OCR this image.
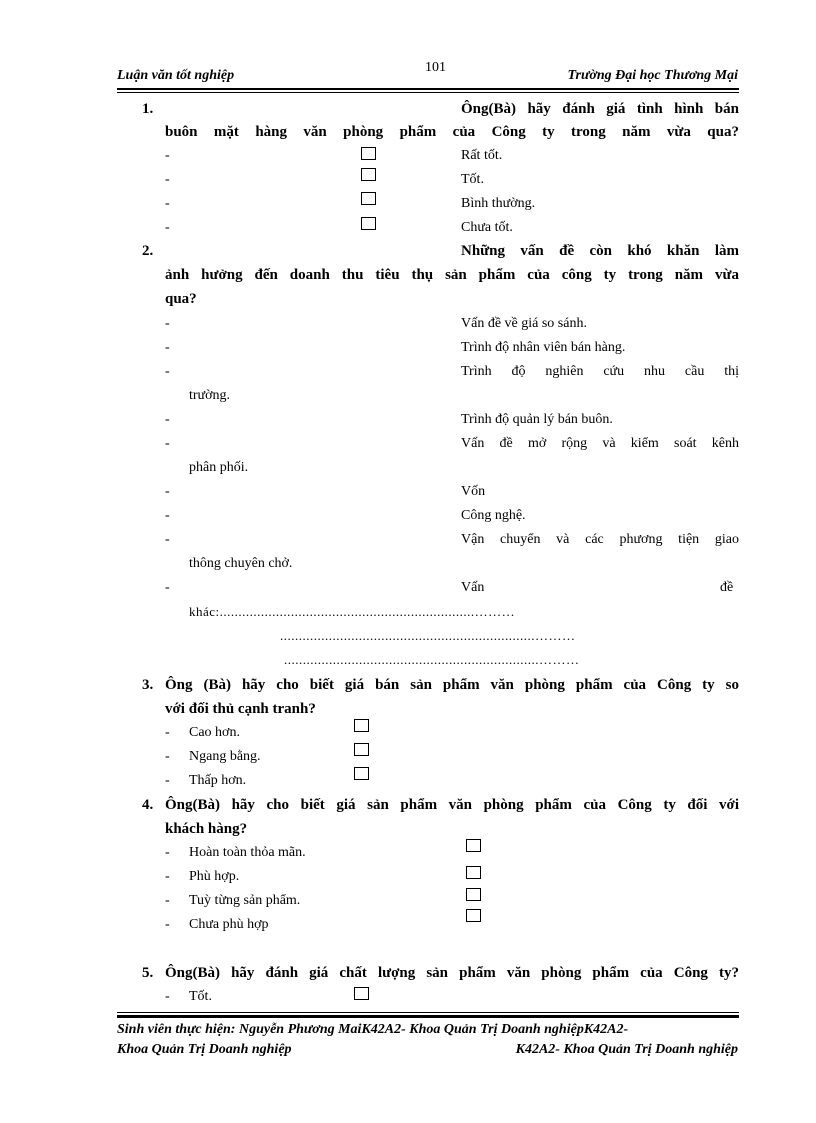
101
Luận văn tốt nghiệp	Trường Đại học Thương Mại
1.	Ông(Bà) hãy đánh giá tình hình bán
buôn mặt hàng văn phòng phẩm của Công ty trong năm vừa qua?
-	Rất tốt.
-	Tốt.
-	Bình thường.
-	Chưa tốt.
2.	Những vấn đề còn khó khăn làm
ảnh hưởng đến doanh thu tiêu thụ sản phẩm của công ty trong năm vừa
qua?
-	Vấn đề về giá so sánh.
-	Trình độ nhân viên bán hàng.
-	Trình độ nghiên cứu nhu cầu thị
trường.
-	Trình độ quản lý bán buôn.
-	Vấn đề mở rộng và kiểm soát kênh
phân phối.
-	Vốn
-	Công nghệ.
-	Vận chuyển và các phương tiện giao
thông chuyên chở.
-	Vấn	đề
khác:....................................................................………
....................................................................………
....................................................................………
3. Ông (Bà) hãy cho biết giá bán sản phẩm văn phòng phẩm của Công ty so
với đối thủ cạnh tranh?
- Cao hơn.
- Ngang bằng.
- Thấp hơn.
4. Ông(Bà) hãy cho biết giá sản phẩm văn phòng phẩm của Công ty đối với
khách hàng?
- Hoàn toàn thỏa mãn.
- Phù hợp.
- Tuỳ từng sản phẩm.
- Chưa phù hợp
5. Ông(Bà) hãy đánh giá chất lượng sản phẩm văn phòng phẩm của Công ty?
- Tốt.
Sinh viên thực hiện: Nguyễn Phương MaiK42A2- Khoa Quản Trị Doanh nghiệpK42A2-
Khoa Quản Trị Doanh nghiệp	K42A2- Khoa Quản Trị Doanh nghiệp
